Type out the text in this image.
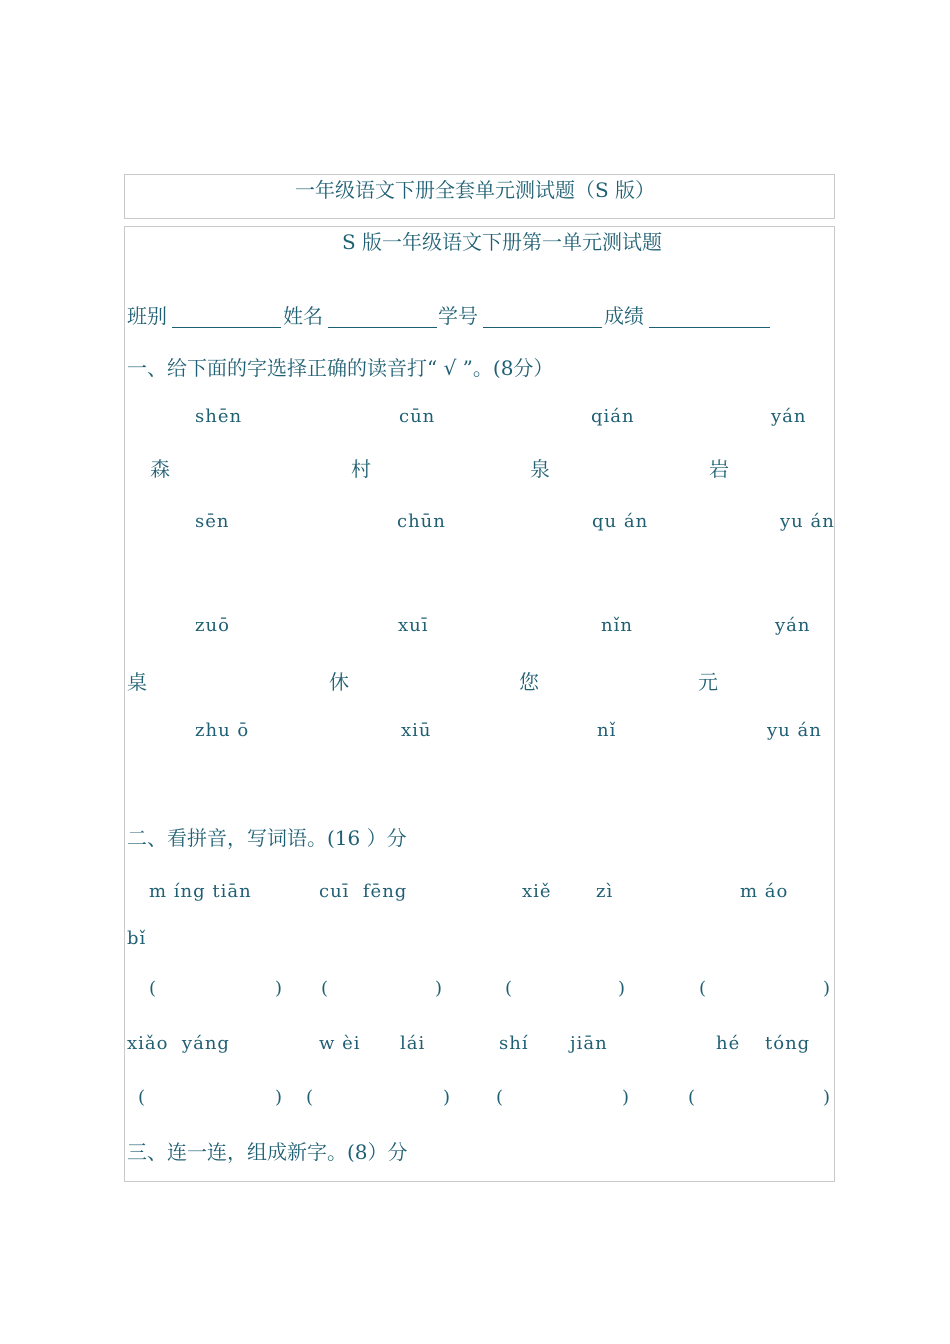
一年级语文下册全套单元测试题（S 版）
S 版一年级语文下册第一单元测试题
班别	姓名	学号	成绩
一、给下面的字选择正确的读音打“ √ ”。(8分）
shēn	cūn	qián	yán
森	村	泉	岩
sēn	chūn	qu án	yu án
zuō	xuī	nǐn	yán
桌	休	您	元
zhu ō	xiū	nǐ	yu án
二、看拼音，写词语。(16 ）分
m íng tiān	cuī  fēng	xiě zì	m áo
bǐ
(	) (	)	(	)	(	)
xiǎo  yáng	w èi lái	shí jiān	hé tóng
(	) (	) (	)	(	)
三、连一连，组成新字。(8）分
